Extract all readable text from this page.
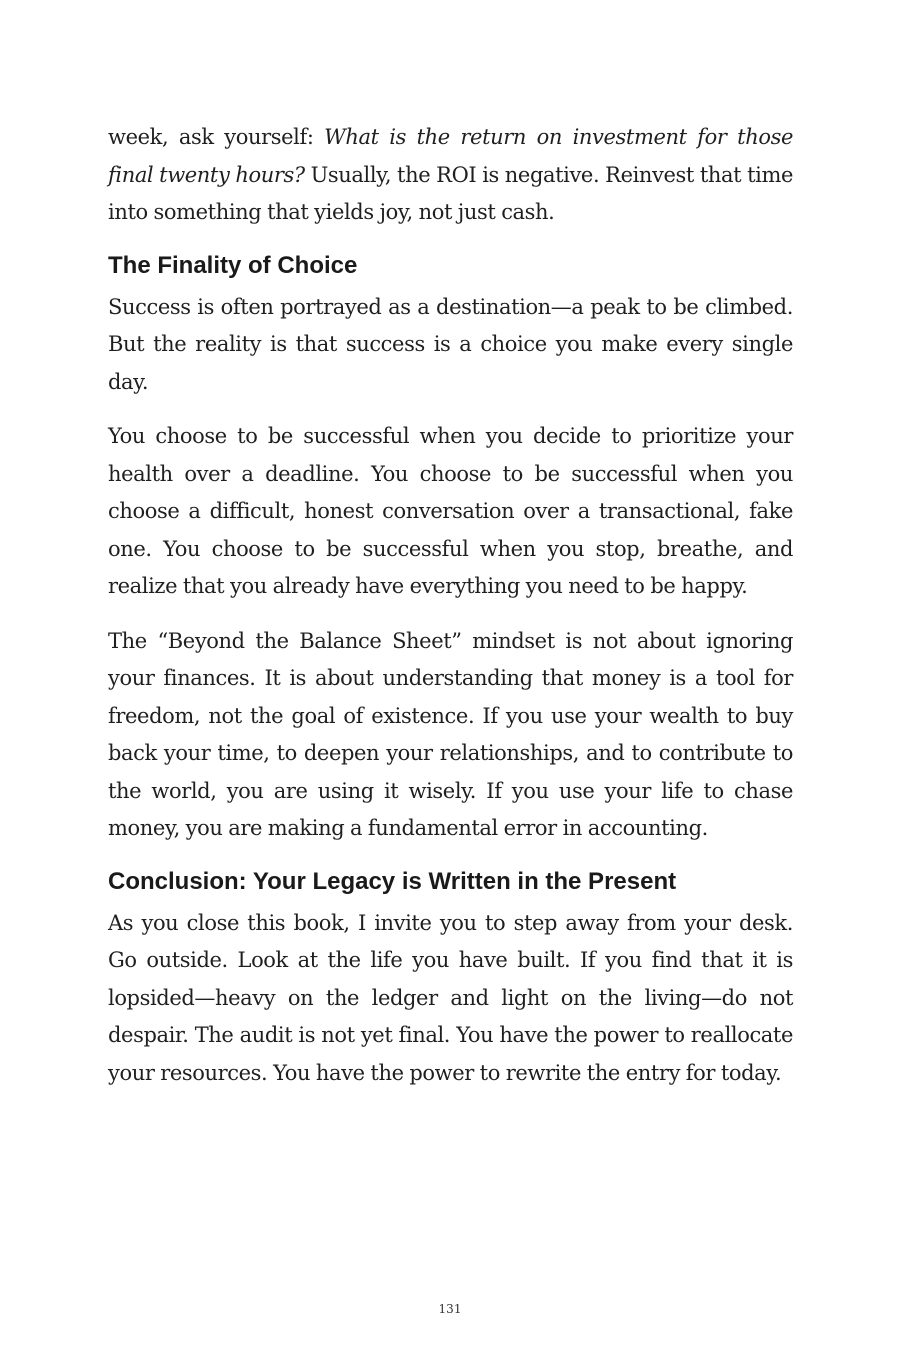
week, ask yourself: What is the return on investment for those final twenty hours? Usually, the ROI is negative. Reinvest that time into something that yields joy, not just cash.

The Finality of Choice

Success is often portrayed as a destination—a peak to be climbed. But the reality is that success is a choice you make every single day.

You choose to be successful when you decide to prioritize your health over a deadline. You choose to be successful when you choose a difficult, honest conversation over a transactional, fake one. You choose to be successful when you stop, breathe, and realize that you already have everything you need to be happy.

The “Beyond the Balance Sheet” mindset is not about ignoring your finances. It is about understanding that money is a tool for freedom, not the goal of existence. If you use your wealth to buy back your time, to deepen your relationships, and to contribute to the world, you are using it wisely. If you use your life to chase money, you are making a fundamental error in accounting.

Conclusion: Your Legacy is Written in the Present

As you close this book, I invite you to step away from your desk. Go outside. Look at the life you have built. If you find that it is lopsided—heavy on the ledger and light on the living—do not despair. The audit is not yet final. You have the power to reallocate your resources. You have the power to rewrite the entry for today.

131
